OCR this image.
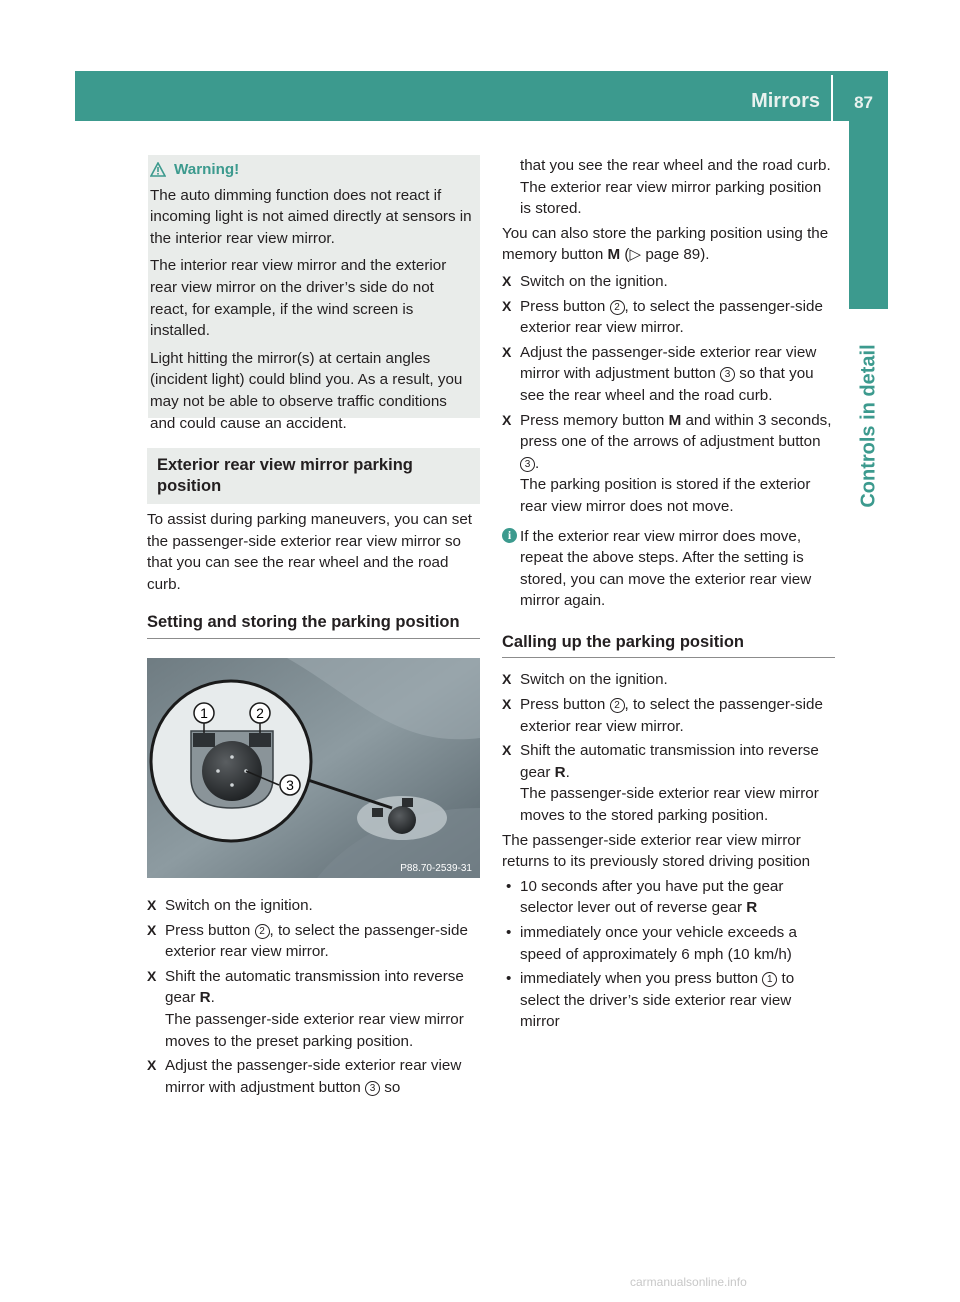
Mirrors 87
Controls in detail
Warning!

The auto dimming function does not react if incoming light is not aimed directly at sensors in the interior rear view mirror.

The interior rear view mirror and the exterior rear view mirror on the driver’s side do not react, for example, if the wind screen is installed.

Light hitting the mirror(s) at certain angles (incident light) could blind you. As a result, you may not be able to observe traffic conditions and could cause an accident.

Exterior rear view mirror parking position

To assist during parking maneuvers, you can set the passenger-side exterior rear view mirror so that you can see the rear wheel and the road curb.

Setting and storing the parking position
1	2
3
P88.70-2539-31
X Switch on the ignition.
X Press button 2 , to select the passenger-side exterior rear view mirror.
X Shift the automatic transmission into reverse gear R.
The passenger-side exterior rear view mirror moves to the preset parking position.
X Adjust the passenger-side exterior rear view mirror with adjustment button 3 so
that you see the rear wheel and the road curb.
The exterior rear view mirror parking position is stored.

You can also store the parking position using the memory button M (▷ page 89).

X Switch on the ignition.
X Press button 2 , to select the passenger-side exterior rear view mirror.
X Adjust the passenger-side exterior rear view mirror with adjustment button 3 so that you see the rear wheel and the road curb.
X Press memory button M and within 3 seconds, press one of the arrows of adjustment button 3 .
The parking position is stored if the exterior rear view mirror does not move.
i If the exterior rear view mirror does move, repeat the above steps. After the setting is stored, you can move the exterior rear view mirror again.
Calling up the parking position
X Switch on the ignition.
X Press button 2 , to select the passenger-side exterior rear view mirror.
X Shift the automatic transmission into reverse gear R.
The passenger-side exterior rear view mirror moves to the stored parking position.

The passenger-side exterior rear view mirror returns to its previously stored driving position

• 10 seconds after you have put the gear selector lever out of reverse gear R
• immediately once your vehicle exceeds a speed of approximately 6 mph (10 km/h)
• immediately when you press button 1 to select the driver’s side exterior rear view mirror
carmanualsonline.info
